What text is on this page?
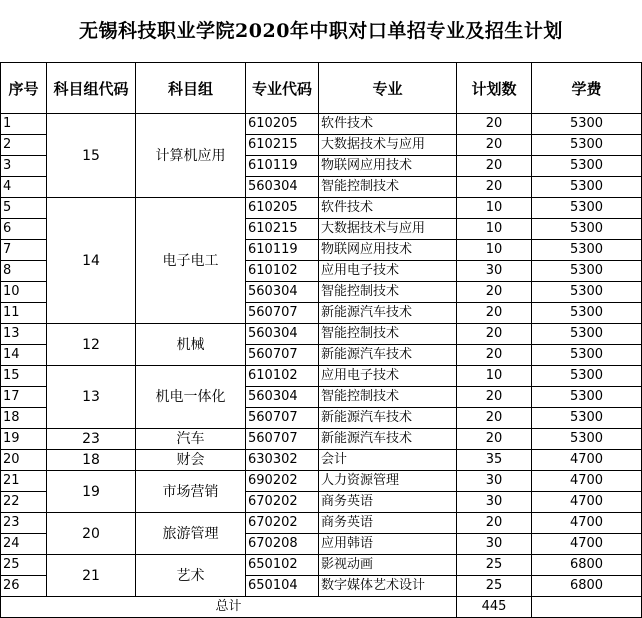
无锡科技职业学院2020年中职对口单招专业及招生计划
序号	科目组代码	科目组	专业代码	专业	计划数	学费
1	15	计算机应用	610205	软件技术	20	5300
2			610215	大数据技术与应用	20	5300
3			610119	物联网应用技术	20	5300
4			560304	智能控制技术	20	5300
5	14	电子电工	610205	软件技术	10	5300
6			610215	大数据技术与应用	10	5300
7			610119	物联网应用技术	10	5300
8			610102	应用电子技术	30	5300
10			560304	智能控制技术	20	5300
11			560707	新能源汽车技术	20	5300
13	12	机械	560304	智能控制技术	20	5300
14			560707	新能源汽车技术	20	5300
15	13	机电一体化	610102	应用电子技术	10	5300
17			560304	智能控制技术	20	5300
18			560707	新能源汽车技术	20	5300
19	23	汽车	560707	新能源汽车技术	20	5300
20	18	财会	630302	会计	35	4700
21	19	市场营销	690202	人力资源管理	30	4700
22			670202	商务英语	30	4700
23	20	旅游管理	670202	商务英语	20	4700
24			670208	应用韩语	30	4700
25	21	艺术	650102	影视动画	25	6800
26			650104	数字媒体艺术设计	25	6800
总计					445	
